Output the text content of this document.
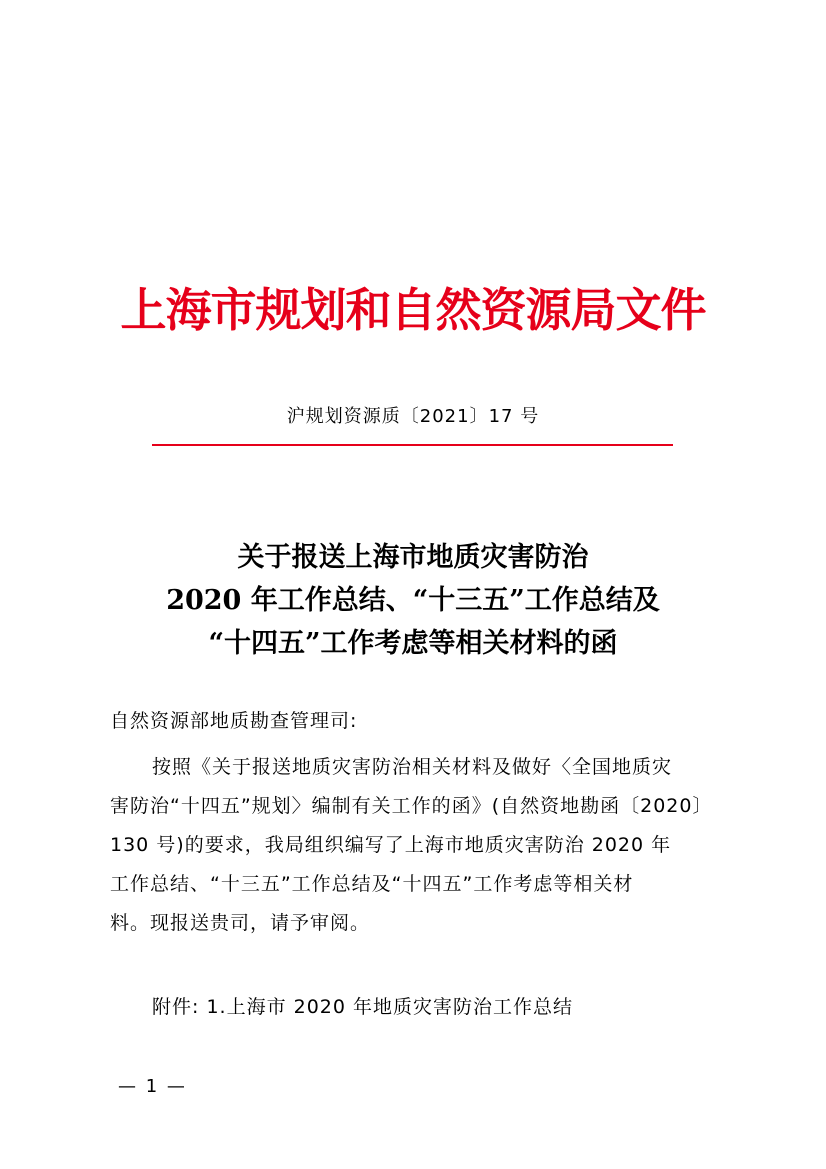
上海市规划和自然资源局文件
沪规划资源质〔2021〕17 号
关于报送上海市地质灾害防治
2020 年工作总结、“十三五”工作总结及
“十四五”工作考虑等相关材料的函
自然资源部地质勘查管理司:
按照《关于报送地质灾害防治相关材料及做好〈全国地质灾
害防治“十四五”规划〉编制有关工作的函》(自然资地勘函〔2020〕
130 号)的要求，我局组织编写了上海市地质灾害防治 2020 年
工作总结、“十三五”工作总结及“十四五”工作考虑等相关材
料。现报送贵司，请予审阅。
附件: 1.上海市 2020 年地质灾害防治工作总结
— 1 —
